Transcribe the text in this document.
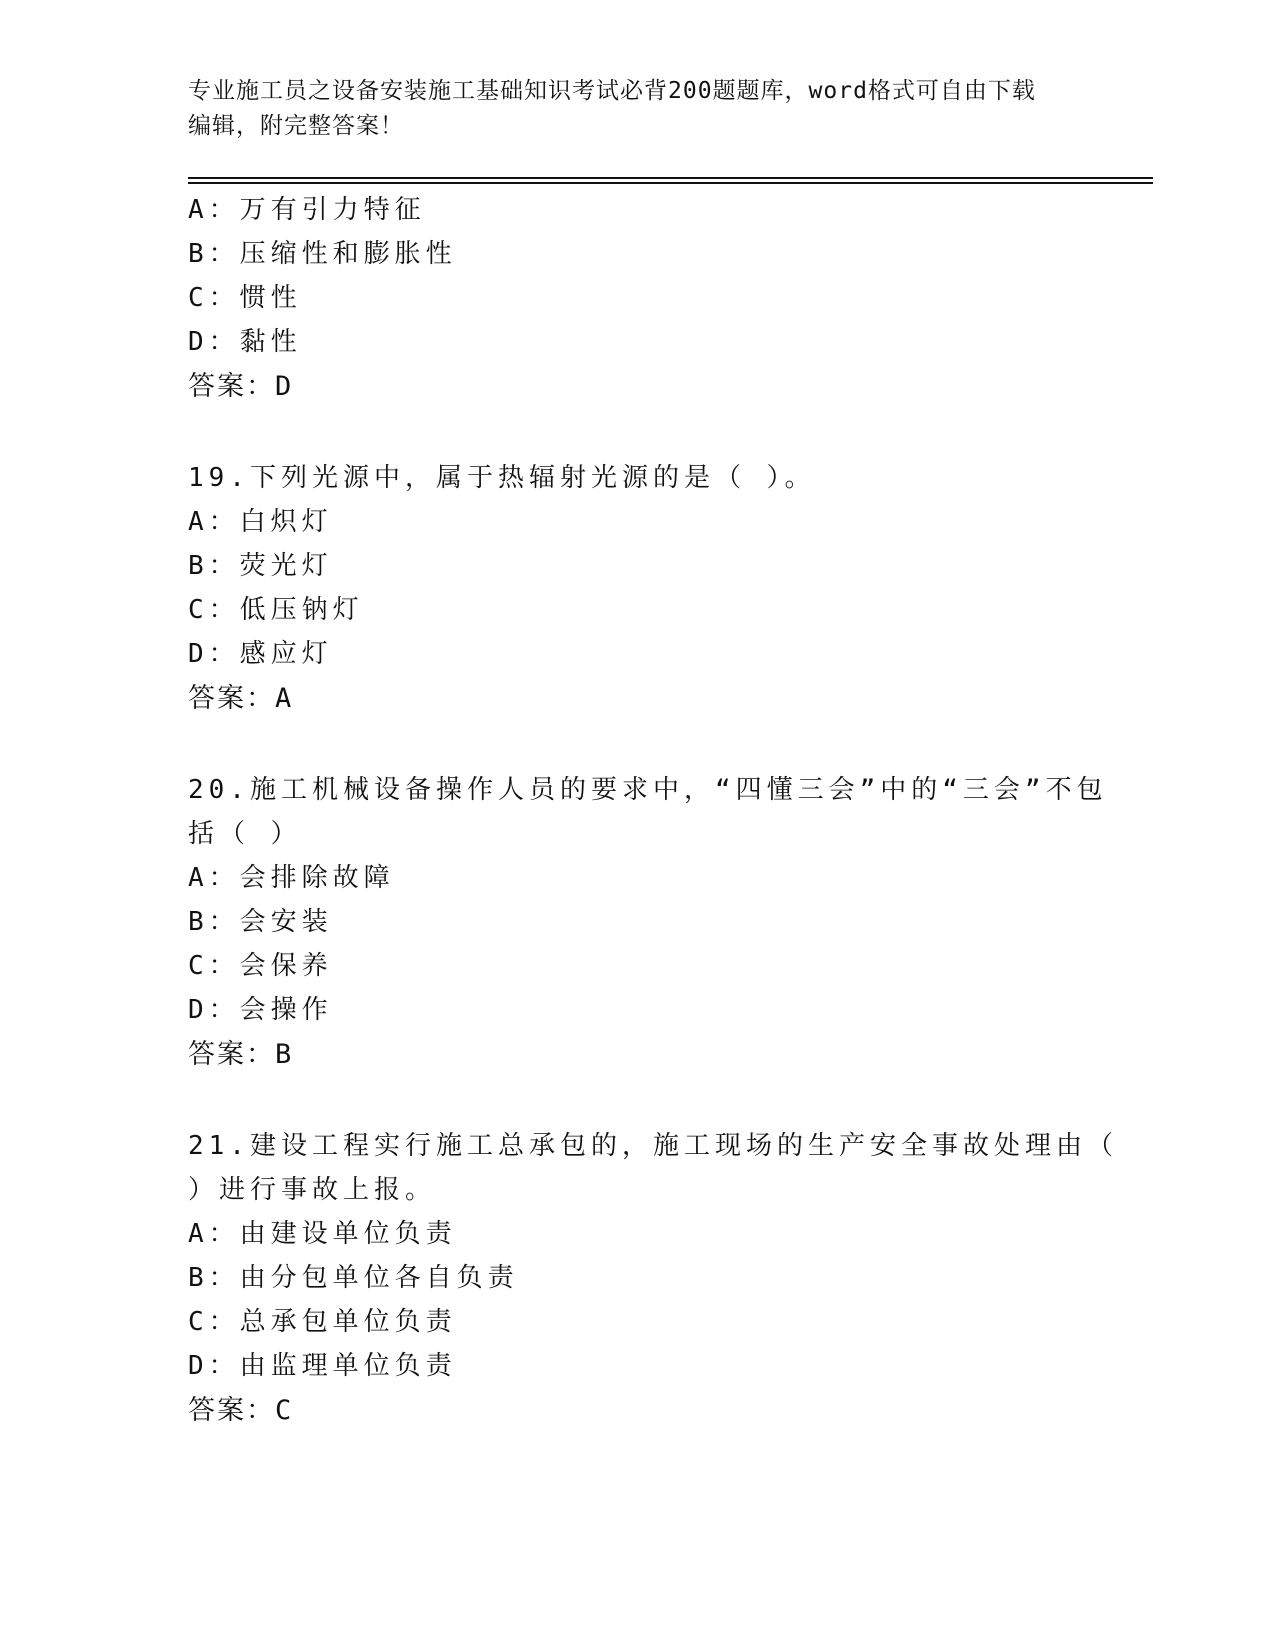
专业施工员之设备安装施工基础知识考试必背200题题库，word格式可自由下载
编辑，附完整答案！
A：万有引力特征
B：压缩性和膨胀性
C：惯性
D：黏性
答案：D
19.下列光源中，属于热辐射光源的是（ ）。
A：白炽灯
B：荧光灯
C：低压钠灯
D：感应灯
答案：A
20.施工机械设备操作人员的要求中，“四懂三会”中的“三会”不包
括（ ）
A：会排除故障
B：会安装
C：会保养
D：会操作
答案：B
21.建设工程实行施工总承包的，施工现场的生产安全事故处理由（
）进行事故上报。
A：由建设单位负责
B：由分包单位各自负责
C：总承包单位负责
D：由监理单位负责
答案：C
